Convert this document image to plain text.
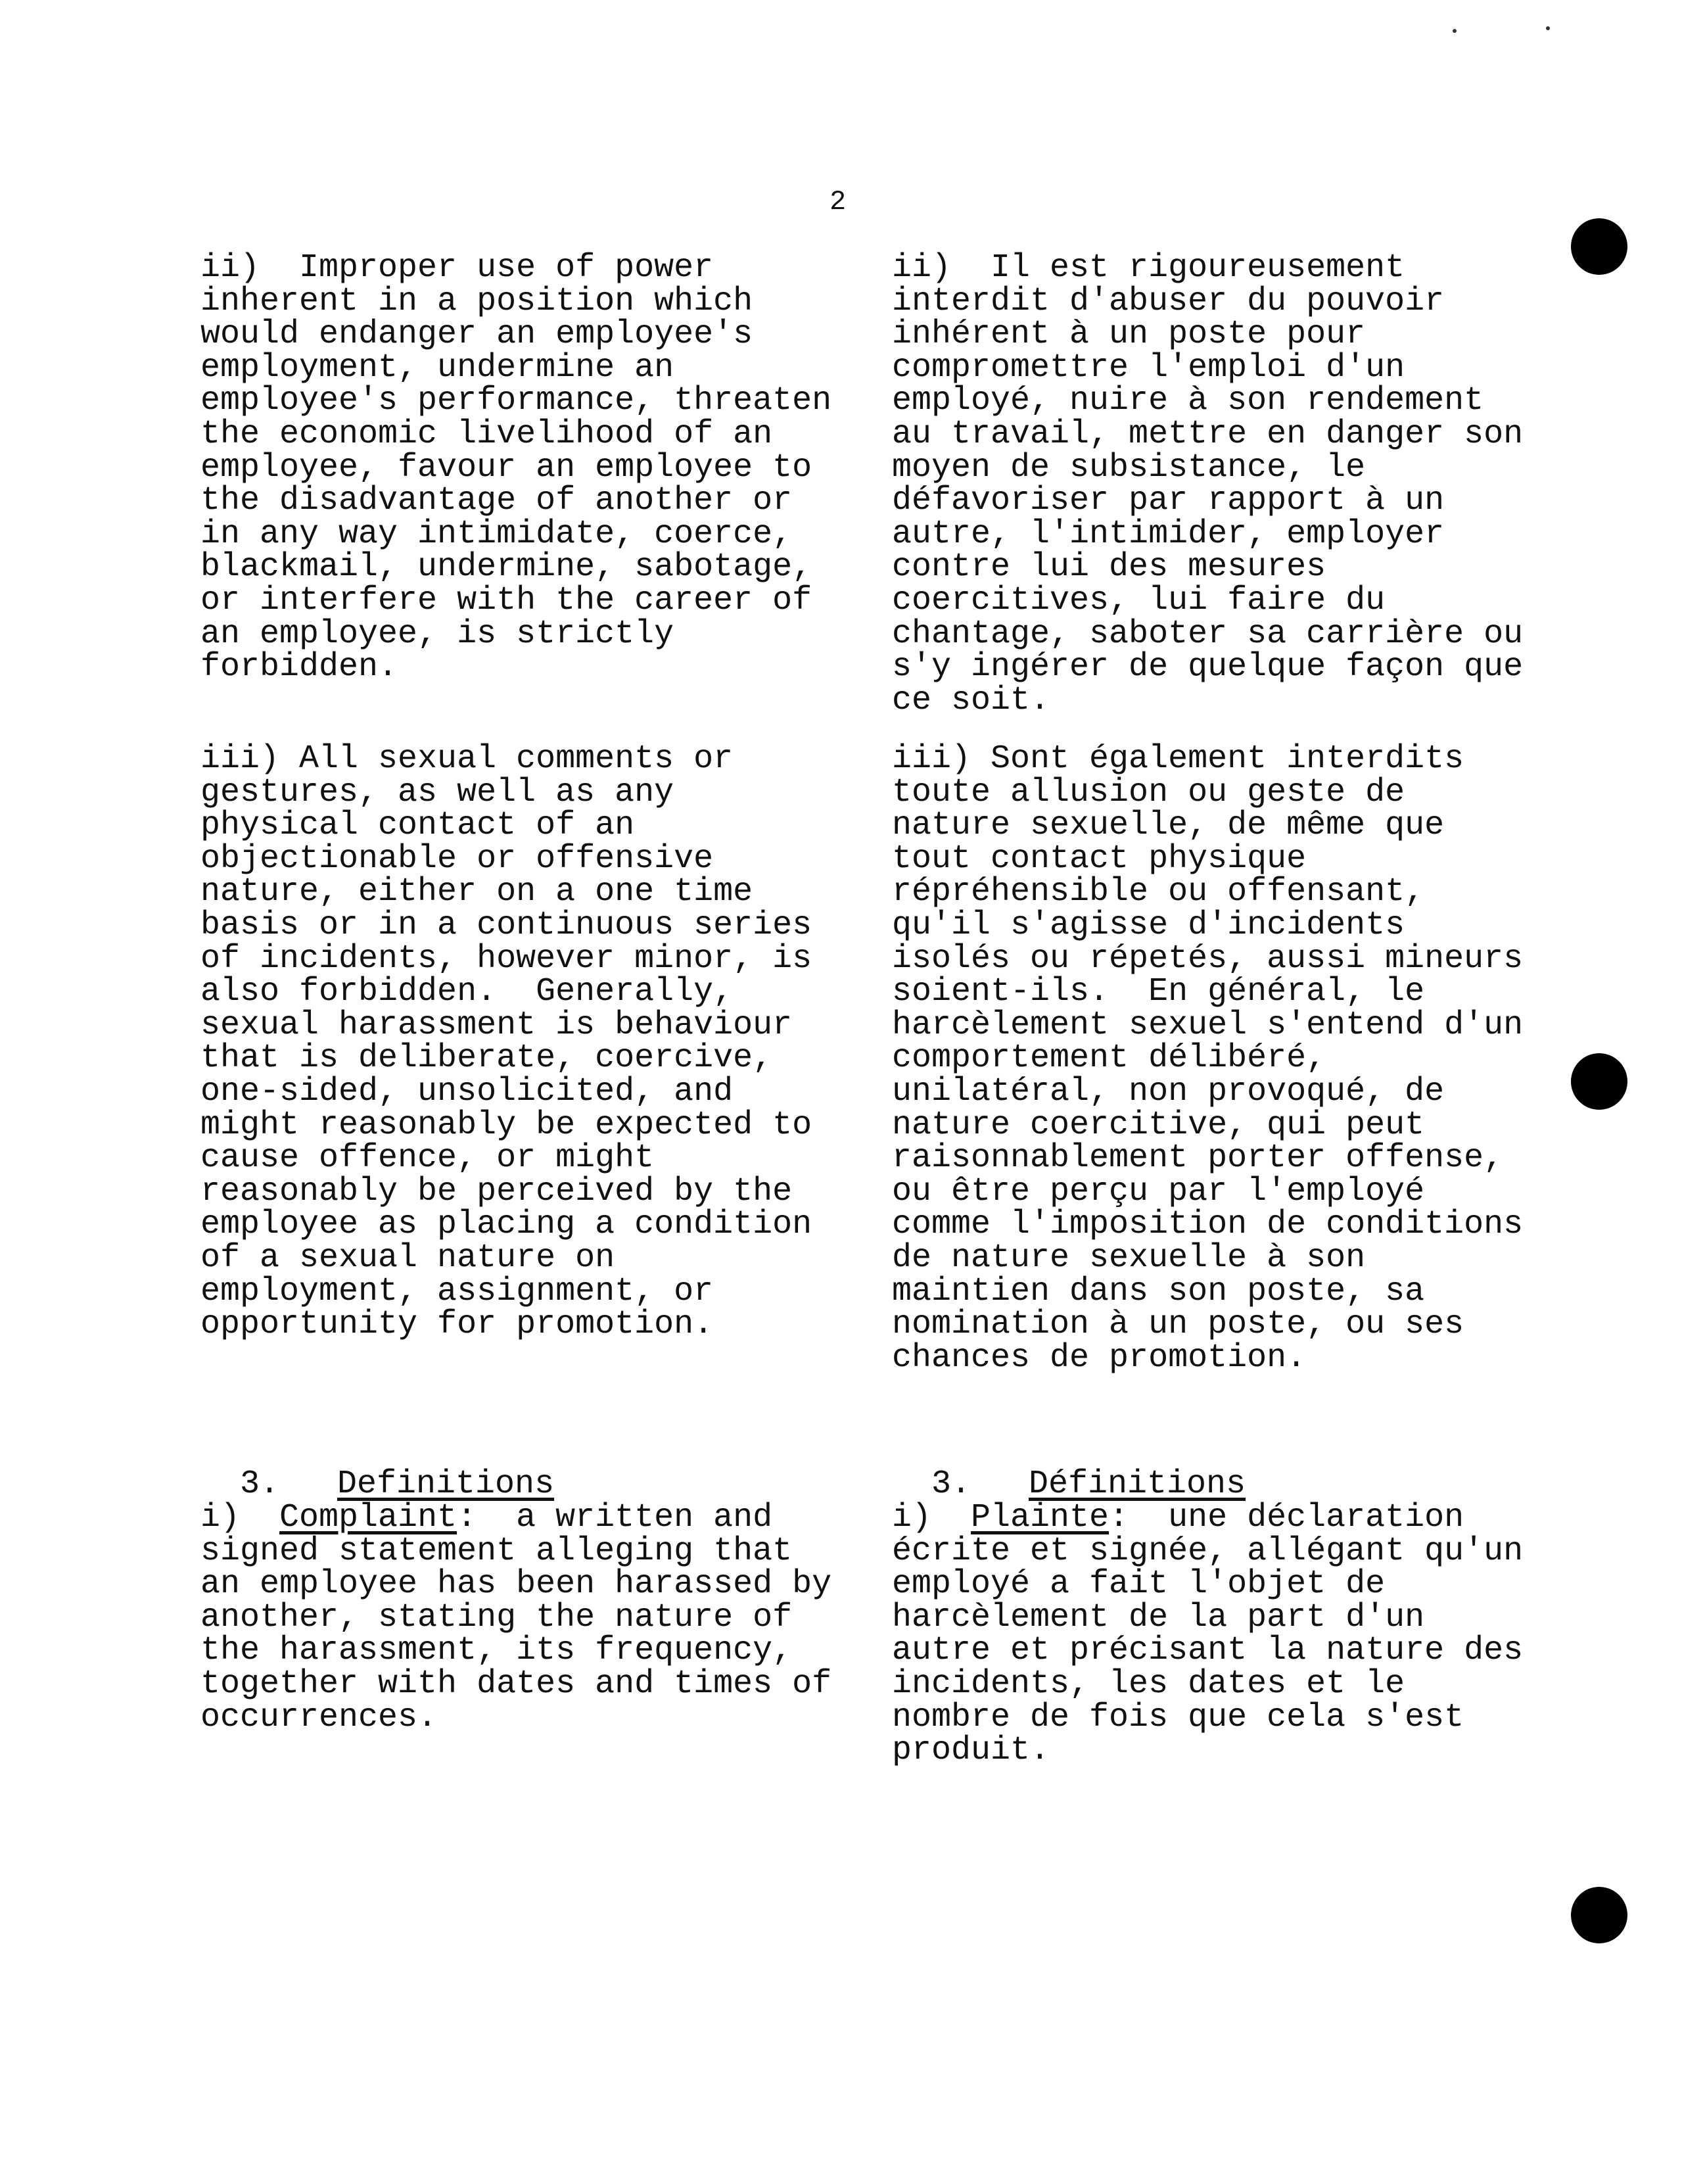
2
ii)  Improper use of power
inherent in a position which
would endanger an employee's
employment, undermine an
employee's performance, threaten
the economic livelihood of an
employee, favour an employee to
the disadvantage of another or
in any way intimidate, coerce,
blackmail, undermine, sabotage,
or interfere with the career of
an employee, is strictly
forbidden.
iii) All sexual comments or
gestures, as well as any
physical contact of an
objectionable or offensive
nature, either on a one time
basis or in a continuous series
of incidents, however minor, is
also forbidden.  Generally,
sexual harassment is behaviour
that is deliberate, coercive,
one-sided, unsolicited, and
might reasonably be expected to
cause offence, or might
reasonably be perceived by the
employee as placing a condition
of a sexual nature on
employment, assignment, or
opportunity for promotion.

3. Definitions

i)  Complaint:  a written and
signed statement alleging that
an employee has been harassed by
another, stating the nature of
the harassment, its frequency,
together with dates and times of
occurrences.
ii)  Il est rigoureusement
interdit d'abuser du pouvoir
inhérent à un poste pour
compromettre l'emploi d'un
employé, nuire à son rendement
au travail, mettre en danger son
moyen de subsistance, le
défavoriser par rapport à un
autre, l'intimider, employer
contre lui des mesures
coercitives, lui faire du
chantage, saboter sa carrière ou
s'y ingérer de quelque façon que
ce soit.
iii) Sont également interdits
toute allusion ou geste de
nature sexuelle, de même que
tout contact physique
répréhensible ou offensant,
qu'il s'agisse d'incidents
isolés ou répetés, aussi mineurs
soient-ils.  En général, le
harcèlement sexuel s'entend d'un
comportement délibéré,
unilatéral, non provoqué, de
nature coercitive, qui peut
raisonnablement porter offense,
ou être perçu par l'employé
comme l'imposition de conditions
de nature sexuelle à son
maintien dans son poste, sa
nomination à un poste, ou ses
chances de promotion.

3. Définitions

i)  Plainte:  une déclaration
écrite et signée, allégant qu'un
employé a fait l'objet de
harcèlement de la part d'un
autre et précisant la nature des
incidents, les dates et le
nombre de fois que cela s'est
produit.
